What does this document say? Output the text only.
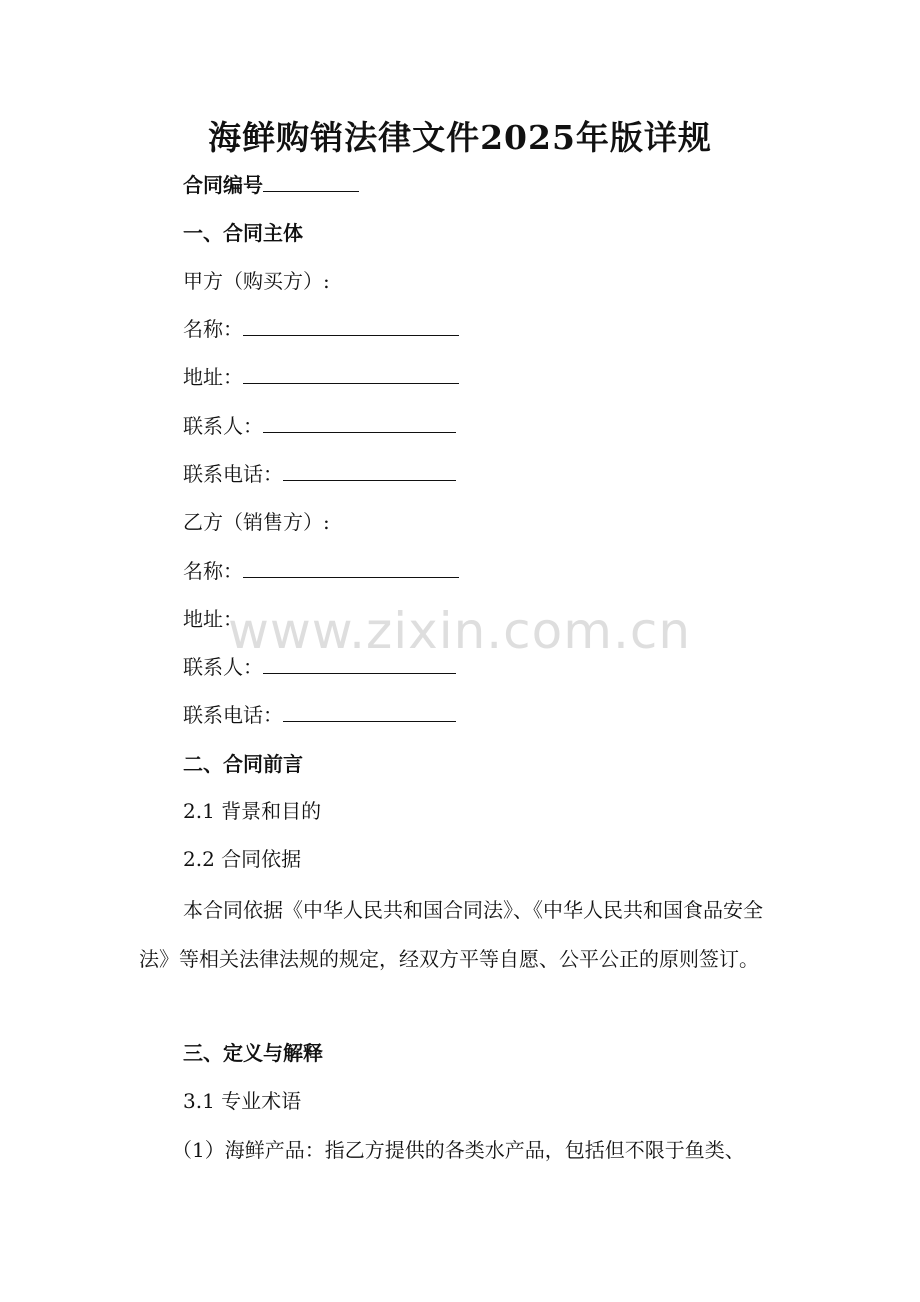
海鲜购销法律文件2025年版详规
合同编号
一、合同主体
甲方（购买方）:
名称：
地址：
联系人：
联系电话：
乙方（销售方）:
名称：
地址：
联系人：
联系电话：
二、合同前言
2.1 背景和目的
2.2 合同依据
本合同依据《中华人民共和国合同法》、《中华人民共和国食品安全法》等相关法律法规的规定，经双方平等自愿、公平公正的原则签订。
三、定义与解释
3.1 专业术语
（1）海鲜产品：指乙方提供的各类水产品，包括但不限于鱼类、
www.zixin.com.cn
